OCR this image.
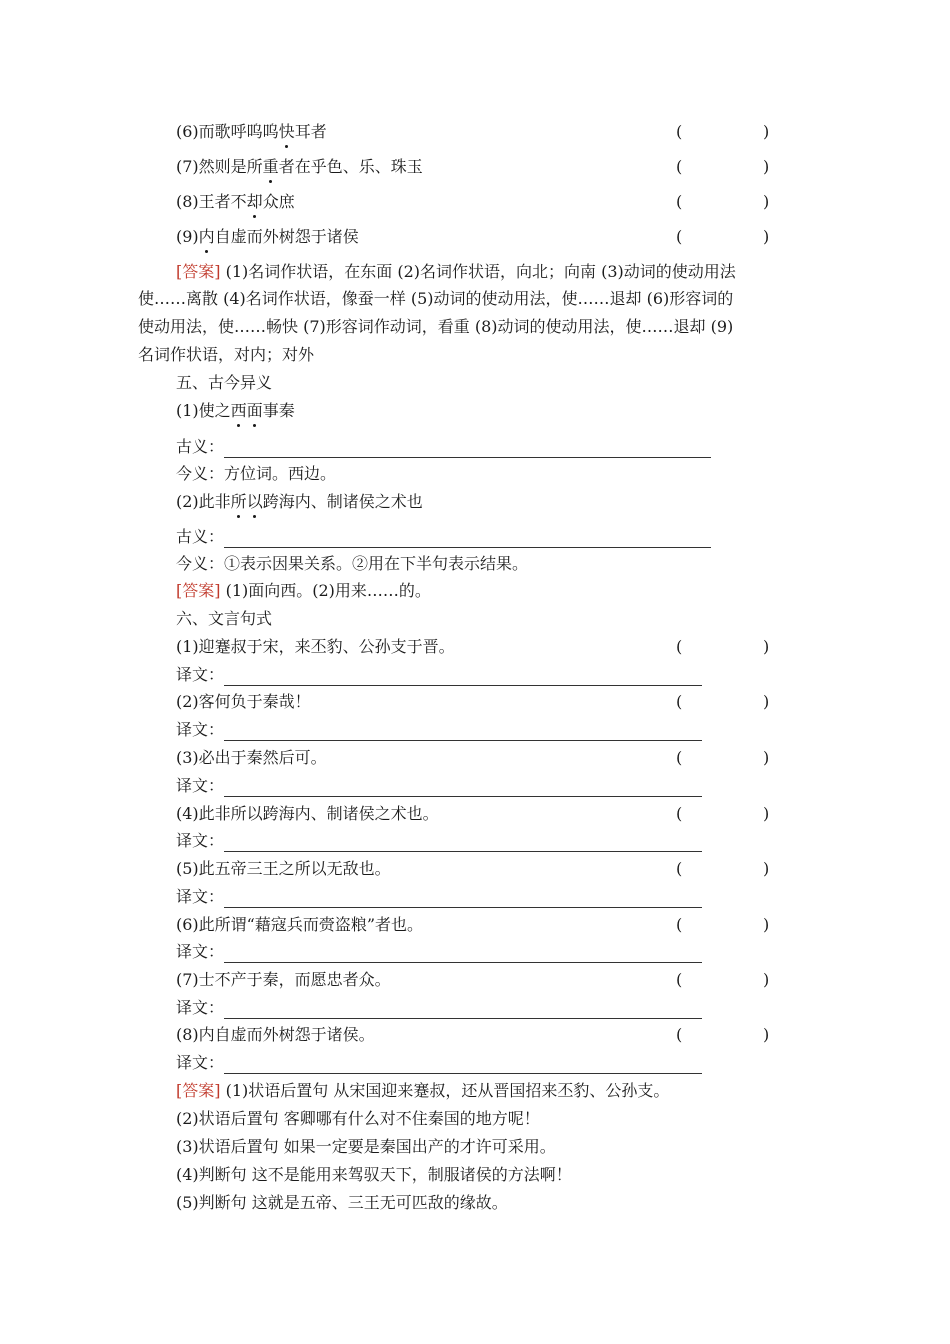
(6)而歌呼呜呜快耳者	(	)
(7)然则是所重者在乎色、乐、珠玉	(	)
(8)王者不却众庶	(	)
(9)内自虚而外树怨于诸侯	(	)
[答案] (1)名词作状语，在东面 (2)名词作状语，向北；向南 (3)动词的使动用法
使……离散 (4)名词作状语，像蚕一样 (5)动词的使动用法，使……退却 (6)形容词的
使动用法，使……畅快 (7)形容词作动词，看重 (8)动词的使动用法，使……退却 (9)
名词作状语，对内；对外
五、古今异义
(1)使之西面事秦
古义：
今义：方位词。西边。
(2)此非所以跨海内、制诸侯之术也
古义：
今义：①表示因果关系。②用在下半句表示结果。
[答案] (1)面向西。(2)用来……的。
六、文言句式
(1)迎蹇叔于宋，来丕豹、公孙支于晋。	(	)
译文：
(2)客何负于秦哉！	(	)
译文：
(3)必出于秦然后可。	(	)
译文：
(4)此非所以跨海内、制诸侯之术也。	(	)
译文：
(5)此五帝三王之所以无敌也。	(	)
译文：
(6)此所谓“藉寇兵而赍盗粮”者也。	(	)
译文：
(7)士不产于秦，而愿忠者众。	(	)
译文：
(8)内自虚而外树怨于诸侯。	(	)
译文：
[答案] (1)状语后置句 从宋国迎来蹇叔，还从晋国招来丕豹、公孙支。
(2)状语后置句 客卿哪有什么对不住秦国的地方呢！
(3)状语后置句 如果一定要是秦国出产的才许可采用。
(4)判断句 这不是能用来驾驭天下，制服诸侯的方法啊！
(5)判断句 这就是五帝、三王无可匹敌的缘故。
